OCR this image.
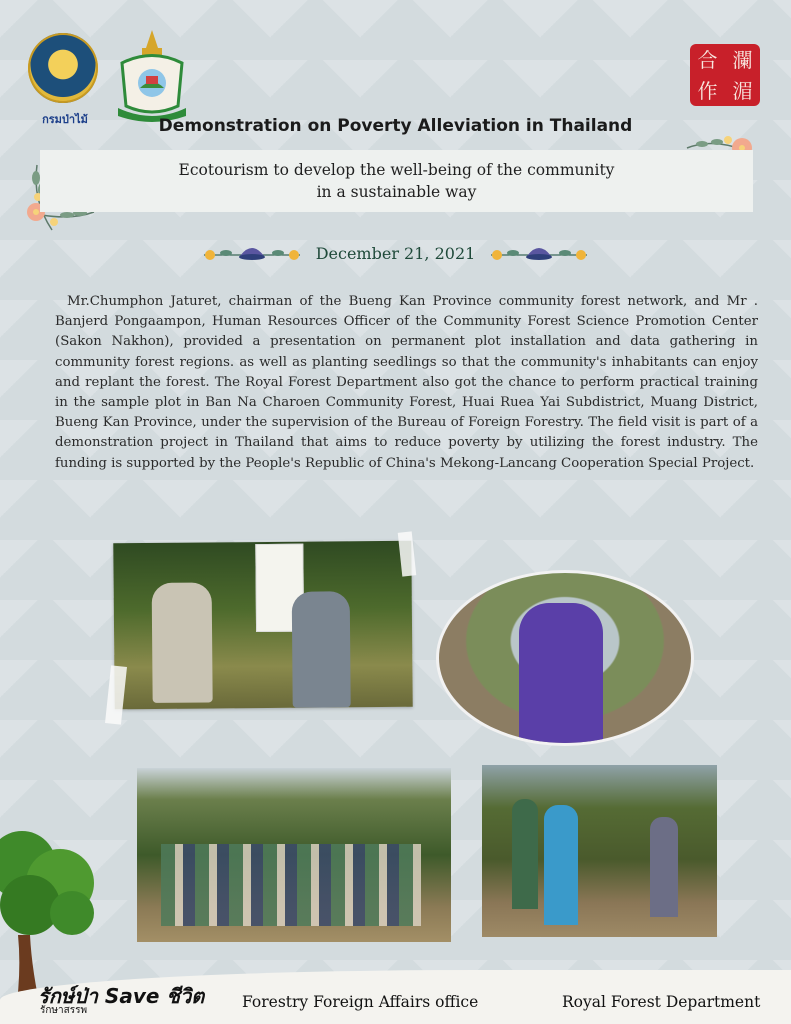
กรมป่าไม้
合 瀾
作 湄
Demonstration on Poverty Alleviation in Thailand
Ecotourism to develop the well-being of the community
in a sustainable way
December 21, 2021

Mr.Chumphon Jaturet, chairman of the Bueng Kan Province community forest network, and Mr . Banjerd Pongaampon, Human Resources Officer of the Community Forest Science Promotion Center (Sakon Nakhon), provided a presentation on permanent plot installation and data gathering in community forest regions. as well as planting seedlings so that the community's inhabitants can enjoy and replant the forest. The Royal Forest Department also got the chance to perform practical training in the sample plot in Ban Na Charoen Community Forest, Huai Ruea Yai Subdistrict, Muang District, Bueng Kan Province, under the supervision of the Bureau of Foreign Forestry. The field visit is part of a demonstration project in Thailand that aims to reduce poverty by utilizing the forest industry. The funding is supported by the People's Republic of China's Mekong-Lancang Cooperation Special Project.

รักษ์ป่า Save ชีวิต
รักษาสรรพ	Forestry Foreign Affairs office	Royal Forest Department
